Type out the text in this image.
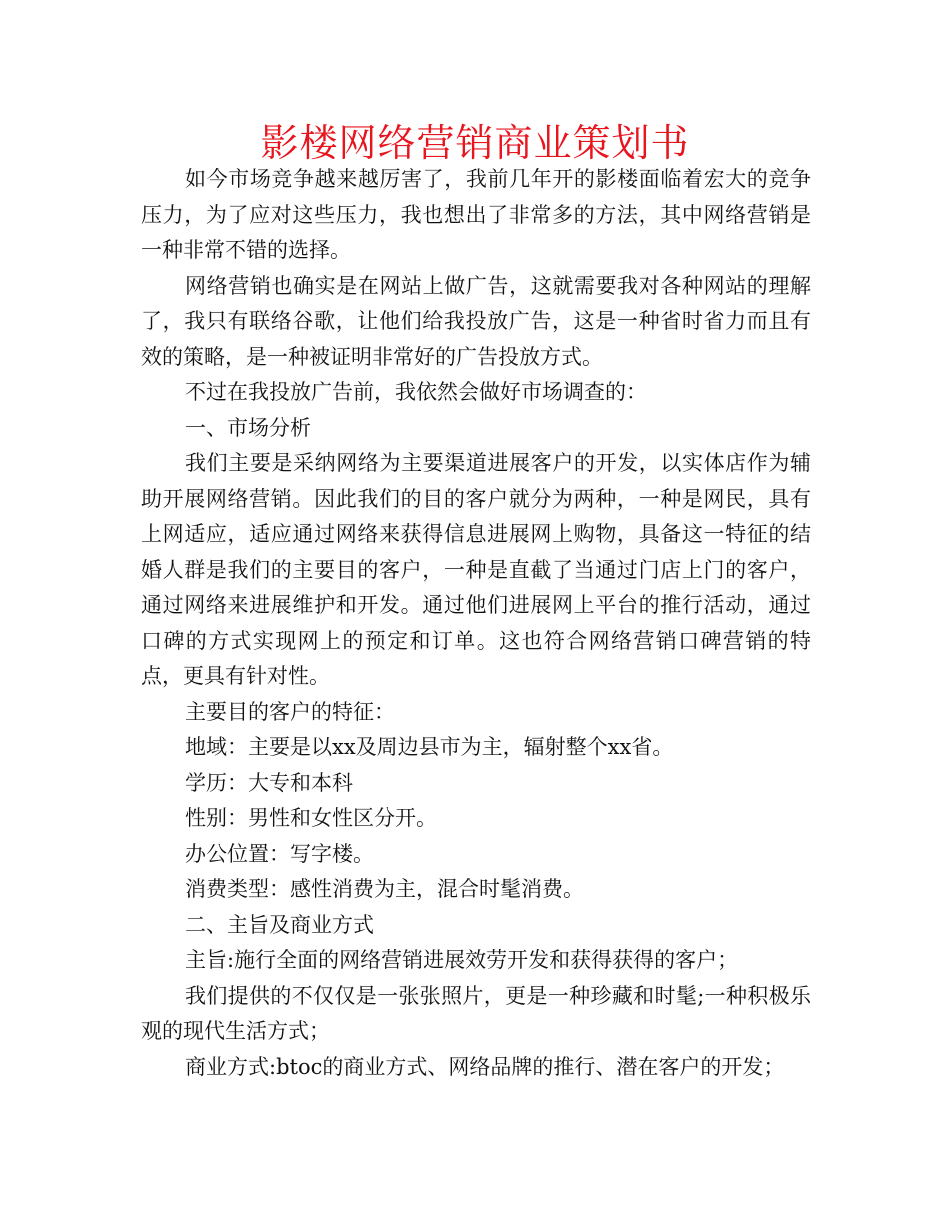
影楼网络营销商业策划书

如今市场竞争越来越厉害了，我前几年开的影楼面临着宏大的竞争压力，为了应对这些压力，我也想出了非常多的方法，其中网络营销是一种非常不错的选择。

网络营销也确实是在网站上做广告，这就需要我对各种网站的理解了，我只有联络谷歌，让他们给我投放广告，这是一种省时省力而且有效的策略，是一种被证明非常好的广告投放方式。

不过在我投放广告前，我依然会做好市场调查的：

一、市场分析

我们主要是采纳网络为主要渠道进展客户的开发，以实体店作为辅助开展网络营销。因此我们的目的客户就分为两种，一种是网民，具有上网适应，适应通过网络来获得信息进展网上购物，具备这一特征的结婚人群是我们的主要目的客户，一种是直截了当通过门店上门的客户，通过网络来进展维护和开发。通过他们进展网上平台的推行活动，通过口碑的方式实现网上的预定和订单。这也符合网络营销口碑营销的特点，更具有针对性。

主要目的客户的特征：

地域：主要是以xx及周边县市为主，辐射整个xx省。

学历：大专和本科

性别：男性和女性区分开。

办公位置：写字楼。

消费类型：感性消费为主，混合时髦消费。

二、主旨及商业方式

主旨:施行全面的网络营销进展效劳开发和获得获得的客户；

我们提供的不仅仅是一张张照片，更是一种珍藏和时髦;一种积极乐观的现代生活方式；

商业方式:btoc的商业方式、网络品牌的推行、潜在客户的开发；
